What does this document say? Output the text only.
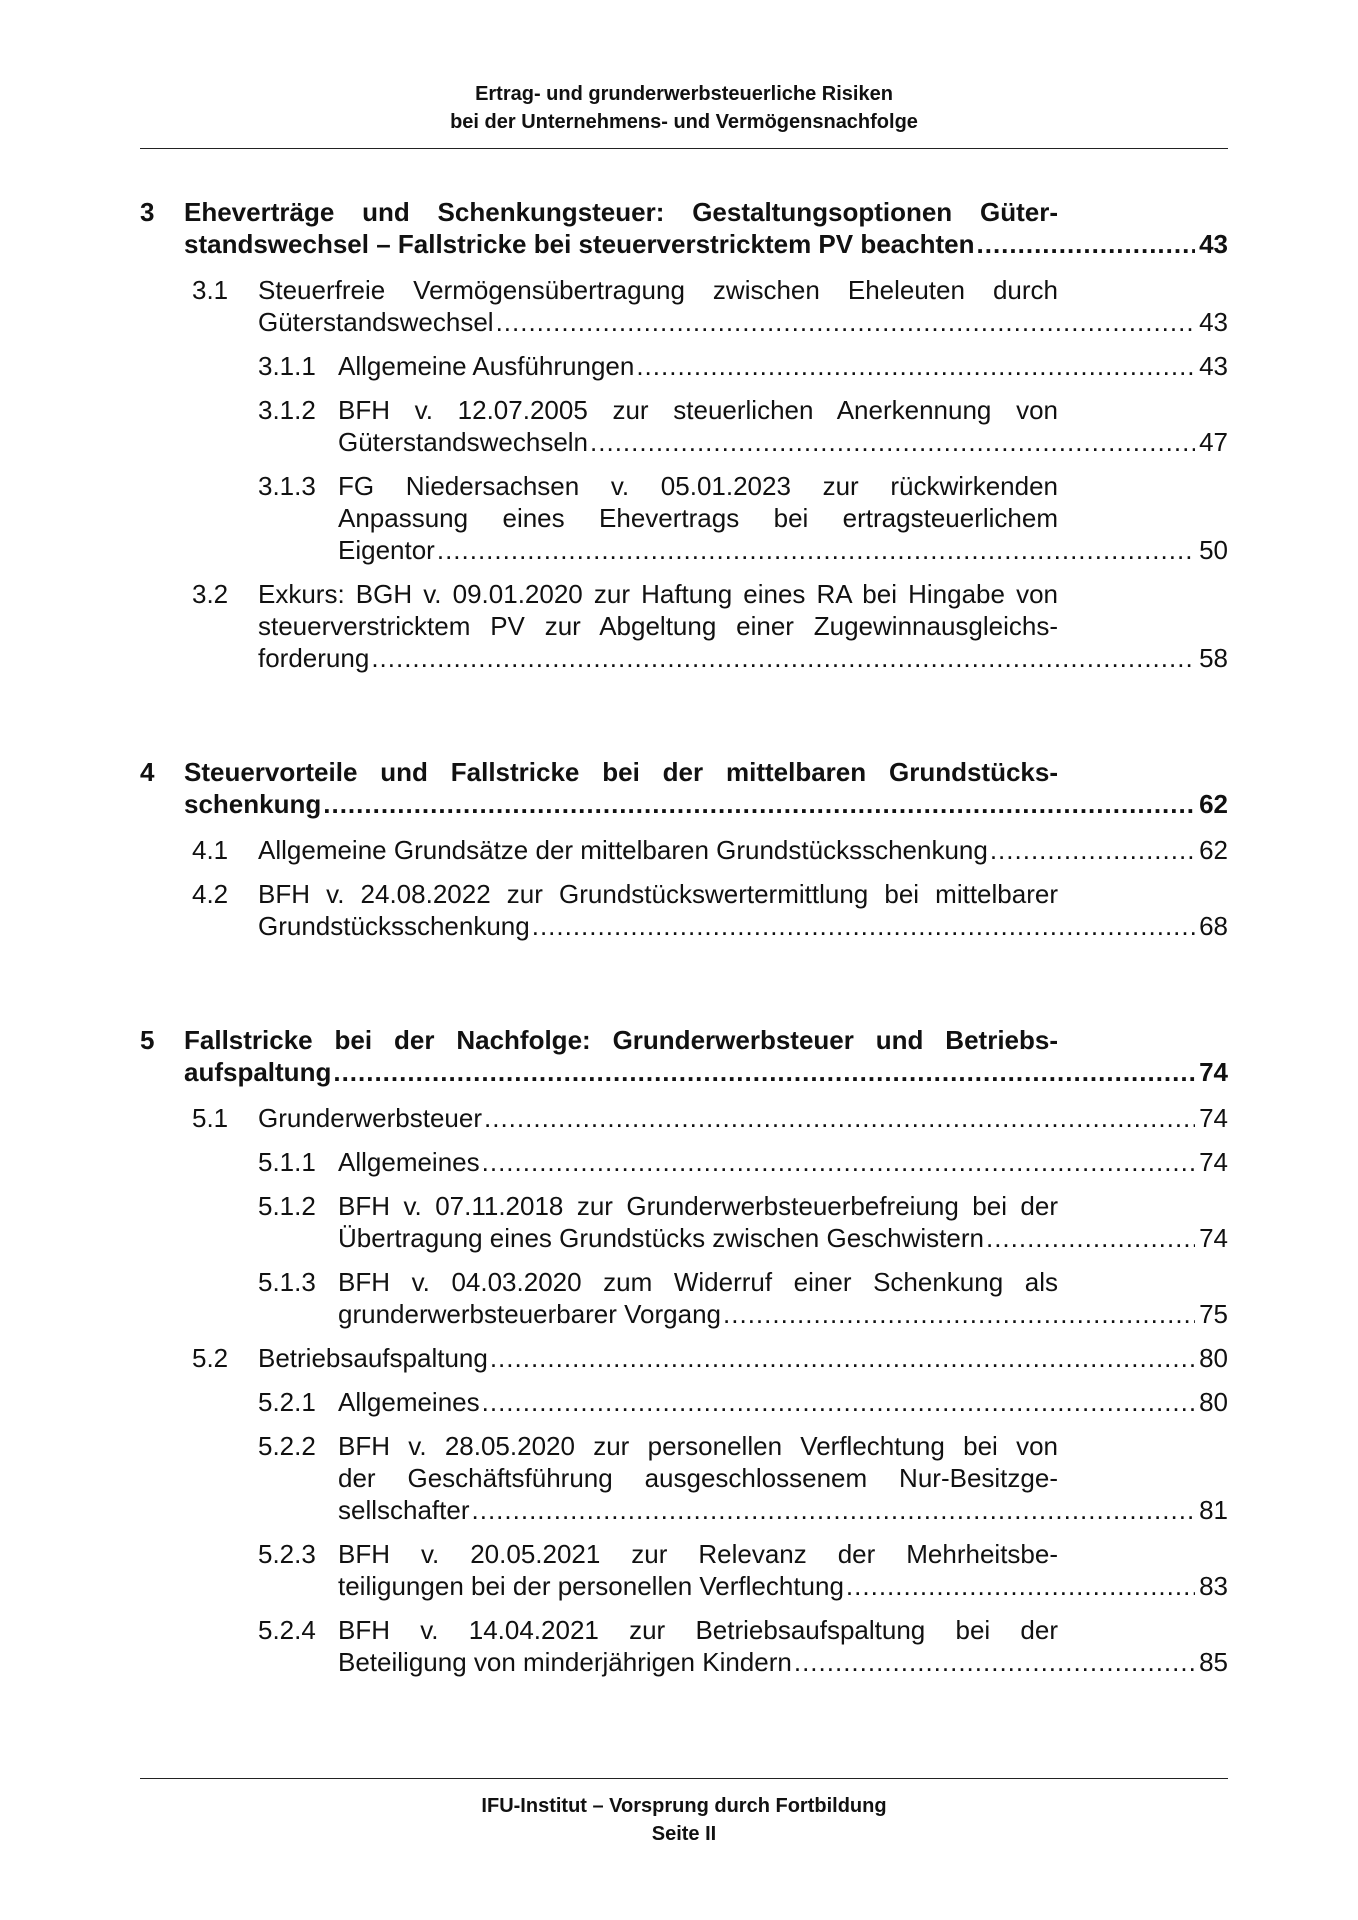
Ertrag- und grunderwerbsteuerliche Risiken
bei der Unternehmens- und Vermögensnachfolge
3 Eheverträge und Schenkungsteuer: Gestaltungsoptionen Güter-
standswechsel – Fallstricke bei steuerverstricktem PV beachten .....	43
3.1 Steuerfreie Vermögensübertragung zwischen Eheleuten durch
Güterstandswechsel .....	43
3.1.1 Allgemeine Ausführungen .....	43
3.1.2 BFH v. 12.07.2005 zur steuerlichen Anerkennung von
Güterstandswechseln .....	47
3.1.3 FG Niedersachsen v. 05.01.2023 zur rückwirkenden
Anpassung eines Ehevertrags bei ertragsteuerlichem
Eigentor .....	50
3.2 Exkurs: BGH v. 09.01.2020 zur Haftung eines RA bei Hingabe von
steuerverstricktem PV zur Abgeltung einer Zugewinnausgleichs-
forderung .....	58
4 Steuervorteile und Fallstricke bei der mittelbaren Grundstücks-
schenkung .....	62
4.1 Allgemeine Grundsätze der mittelbaren Grundstücksschenkung .....	62
4.2 BFH v. 24.08.2022 zur Grundstückswertermittlung bei mittelbarer
Grundstücksschenkung .....	68
5 Fallstricke bei der Nachfolge: Grunderwerbsteuer und Betriebs-
aufspaltung .....	74
5.1 Grunderwerbsteuer .....	74
5.1.1 Allgemeines .....	74
5.1.2 BFH v. 07.11.2018 zur Grunderwerbsteuerbefreiung bei der
Übertragung eines Grundstücks zwischen Geschwistern .....	74
5.1.3 BFH v. 04.03.2020 zum Widerruf einer Schenkung als
grunderwerbsteuerbarer Vorgang .....	75
5.2 Betriebsaufspaltung .....	80
5.2.1 Allgemeines .....	80
5.2.2 BFH v. 28.05.2020 zur personellen Verflechtung bei von
der Geschäftsführung ausgeschlossenem Nur-Besitzge-
sellschafter .....	81
5.2.3 BFH v. 20.05.2021 zur Relevanz der Mehrheitsbe-
teiligungen bei der personellen Verflechtung .....	83
5.2.4 BFH v. 14.04.2021 zur Betriebsaufspaltung bei der
Beteiligung von minderjährigen Kindern .....	85
IFU-Institut – Vorsprung durch Fortbildung
Seite II
